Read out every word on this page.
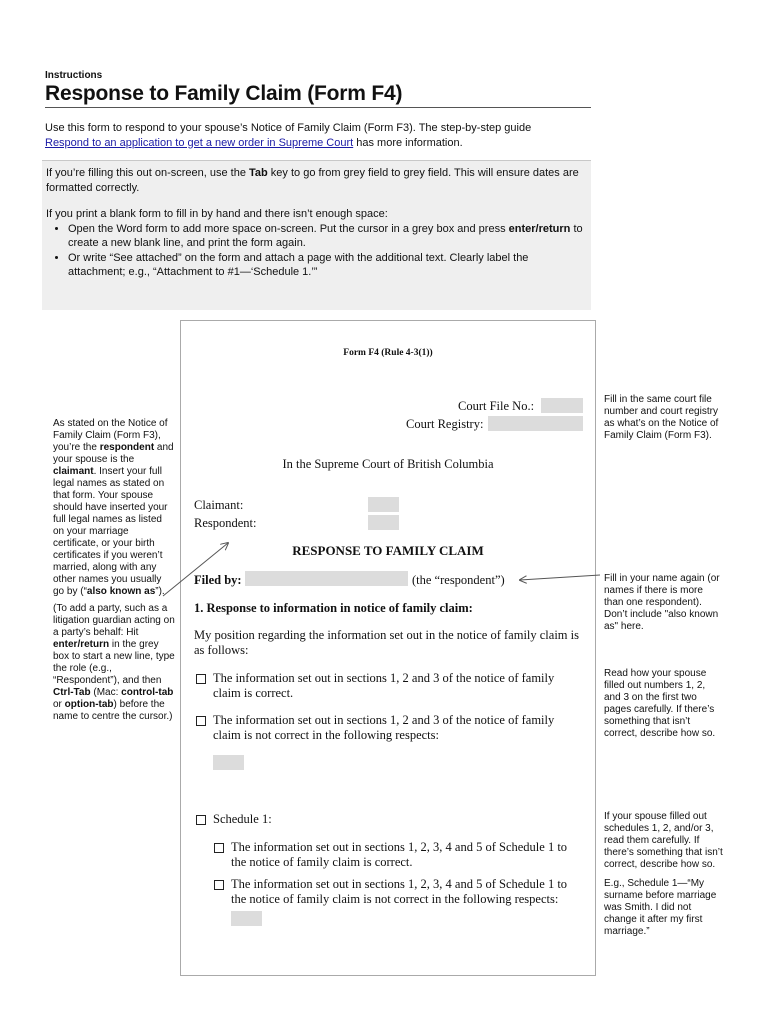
Instructions
Response to Family Claim (Form F4)
Use this form to respond to your spouse’s Notice of Family Claim (Form F3). The step-by-step guide
Respond to an application to get a new order in Supreme Court has more information.

If you’re filling this out on-screen, use the Tab key to go from grey field to grey field. This will ensure dates are formatted correctly.

If you print a blank form to fill in by hand and there isn’t enough space:

• Open the Word form to add more space on-screen. Put the cursor in a grey box and press enter/return to create a new blank line, and print the form again.
• Or write “See attached” on the form and attach a page with the additional text. Clearly label the attachment; e.g., “Attachment to #1—‘Schedule 1.’”
Form F4 (Rule 4-3(1))
Court File No.:
Court Registry:
In the Supreme Court of British Columbia
Claimant:
Respondent:
RESPONSE TO FAMILY CLAIM
Filed by:	(the “respondent”)
1. Response to information in notice of family claim:
My position regarding the information set out in the notice of family claim is as follows:
The information set out in sections 1, 2 and 3 of the notice of family claim is correct.
The information set out in sections 1, 2 and 3 of the notice of family claim is not correct in the following respects:
Schedule 1:
The information set out in sections 1, 2, 3, 4 and 5 of Schedule 1 to the notice of family claim is correct.
The information set out in sections 1, 2, 3, 4 and 5 of Schedule 1 to the notice of family claim is not correct in the following respects:
As stated on the Notice of Family Claim (Form F3), you’re the respondent and your spouse is the claimant. Insert your full legal names as stated on that form. Your spouse should have inserted your full legal names as listed on your marriage certificate, or your birth certificates if you weren’t married, along with any other names you usually go by (“also known as”).
(To add a party, such as a litigation guardian acting on a party’s behalf: Hit enter/return in the grey box to start a new line, type the role (e.g., “Respondent”), and then Ctrl-Tab (Mac: control-tab or option-tab) before the name to centre the cursor.)
Fill in the same court file number and court registry as what’s on the Notice of Family Claim (Form F3).
Fill in your name again (or names if there is more than one respondent). Don’t include "also known as" here.
Read how your spouse filled out numbers 1, 2, and 3 on the first two pages carefully. If there’s something that isn’t correct, describe how so.
If your spouse filled out schedules 1, 2, and/or 3, read them carefully. If there’s something that isn’t correct, describe how so.
E.g., Schedule 1—“My surname before marriage was Smith. I did not change it after my first marriage.”
